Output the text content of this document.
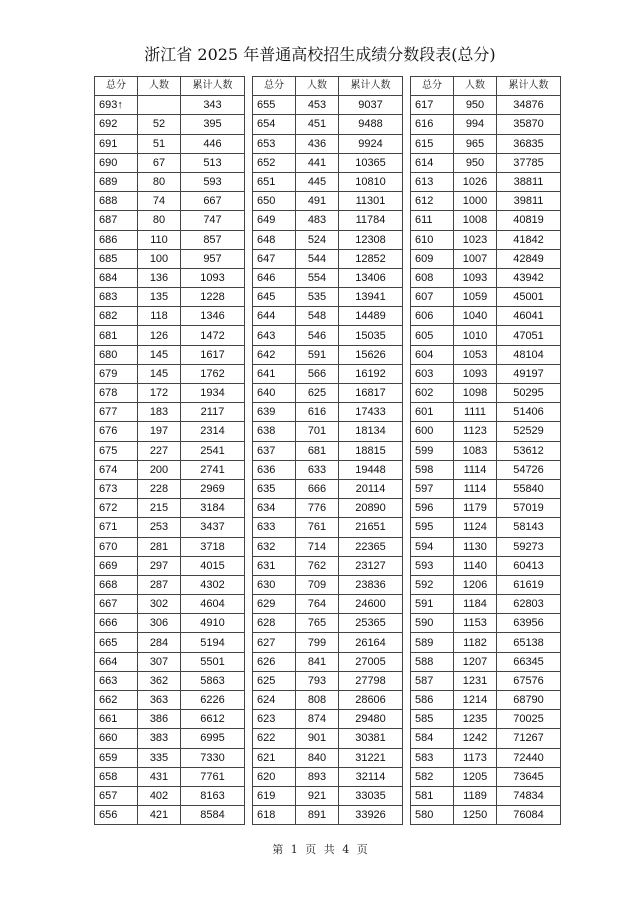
浙江省 2025 年普通高校招生成绩分数段表(总分)
总分	人数	累计人数
693↑		343
692	52	395
691	51	446
690	67	513
689	80	593
688	74	667
687	80	747
686	110	857
685	100	957
684	136	1093
683	135	1228
682	118	1346
681	126	1472
680	145	1617
679	145	1762
678	172	1934
677	183	2117
676	197	2314
675	227	2541
674	200	2741
673	228	2969
672	215	3184
671	253	3437
670	281	3718
669	297	4015
668	287	4302
667	302	4604
666	306	4910
665	284	5194
664	307	5501
663	362	5863
662	363	6226
661	386	6612
660	383	6995
659	335	7330
658	431	7761
657	402	8163
656	421	8584
总分	人数	累计人数
655	453	9037
654	451	9488
653	436	9924
652	441	10365
651	445	10810
650	491	11301
649	483	11784
648	524	12308
647	544	12852
646	554	13406
645	535	13941
644	548	14489
643	546	15035
642	591	15626
641	566	16192
640	625	16817
639	616	17433
638	701	18134
637	681	18815
636	633	19448
635	666	20114
634	776	20890
633	761	21651
632	714	22365
631	762	23127
630	709	23836
629	764	24600
628	765	25365
627	799	26164
626	841	27005
625	793	27798
624	808	28606
623	874	29480
622	901	30381
621	840	31221
620	893	32114
619	921	33035
618	891	33926
总分	人数	累计人数
617	950	34876
616	994	35870
615	965	36835
614	950	37785
613	1026	38811
612	1000	39811
611	1008	40819
610	1023	41842
609	1007	42849
608	1093	43942
607	1059	45001
606	1040	46041
605	1010	47051
604	1053	48104
603	1093	49197
602	1098	50295
601	1111	51406
600	1123	52529
599	1083	53612
598	1114	54726
597	1114	55840
596	1179	57019
595	1124	58143
594	1130	59273
593	1140	60413
592	1206	61619
591	1184	62803
590	1153	63956
589	1182	65138
588	1207	66345
587	1231	67576
586	1214	68790
585	1235	70025
584	1242	71267
583	1173	72440
582	1205	73645
581	1189	74834
580	1250	76084
第 1 页 共 4 页
